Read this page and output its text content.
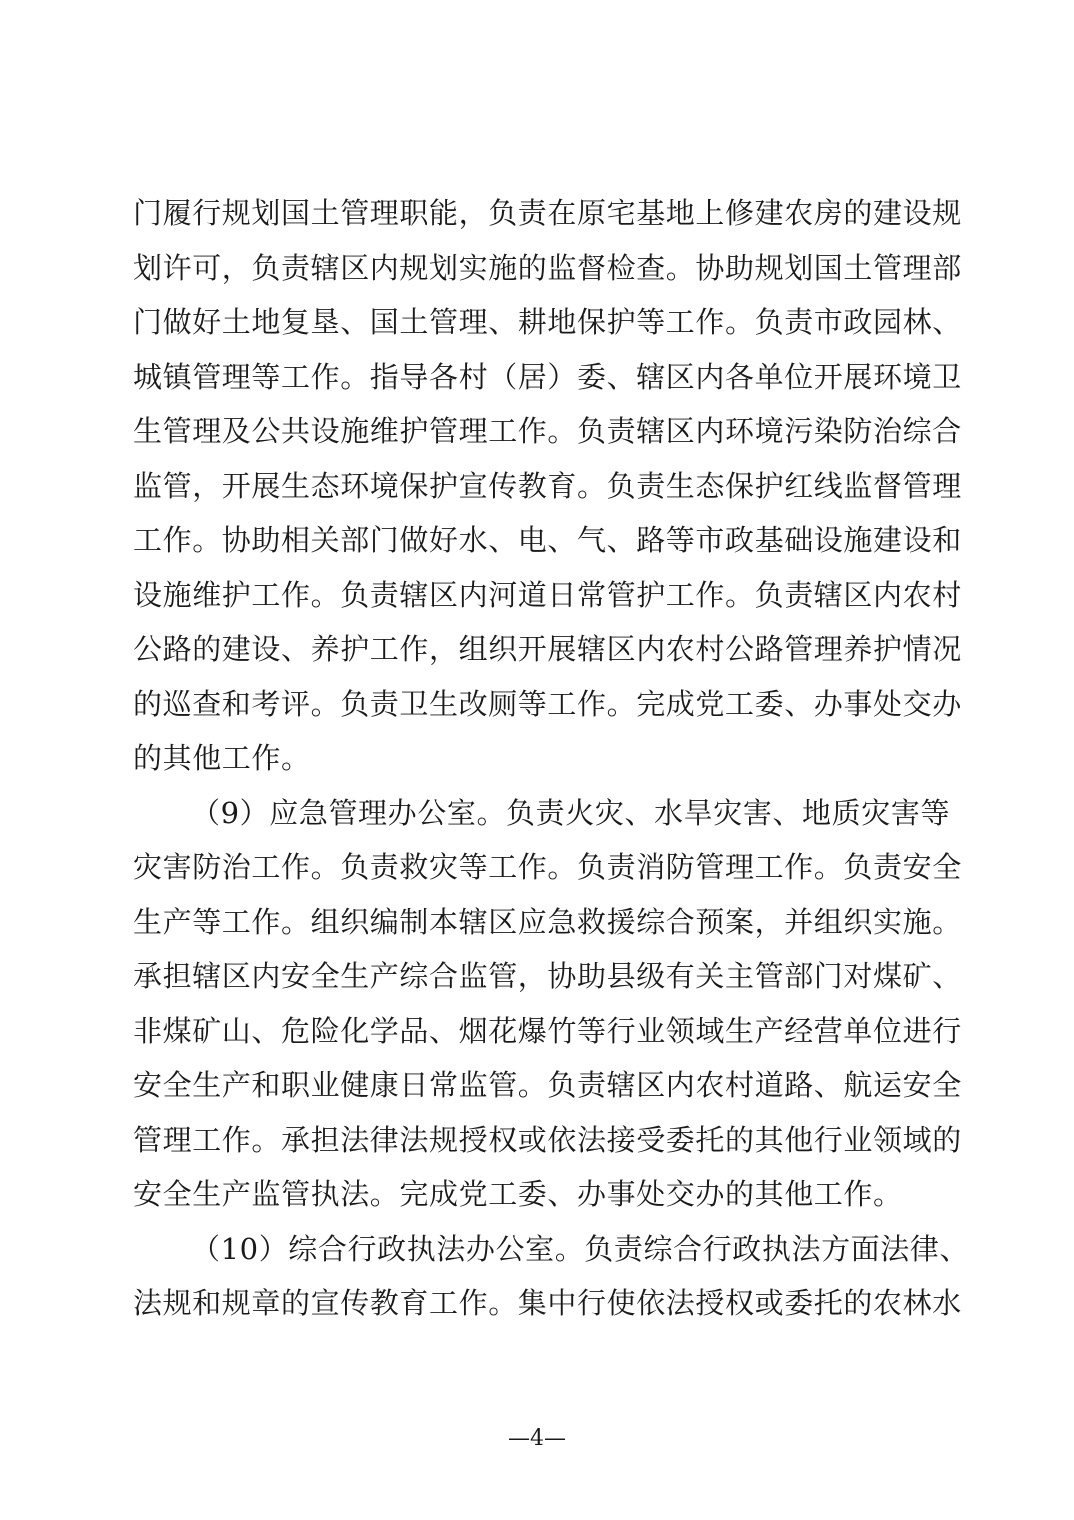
门履行规划国土管理职能，负责在原宅基地上修建农房的建设规
划许可，负责辖区内规划实施的监督检查。协助规划国土管理部
门做好土地复垦、国土管理、耕地保护等工作。负责市政园林、
城镇管理等工作。指导各村（居）委、辖区内各单位开展环境卫
生管理及公共设施维护管理工作。负责辖区内环境污染防治综合
监管，开展生态环境保护宣传教育。负责生态保护红线监督管理
工作。协助相关部门做好水、电、气、路等市政基础设施建设和
设施维护工作。负责辖区内河道日常管护工作。负责辖区内农村
公路的建设、养护工作，组织开展辖区内农村公路管理养护情况
的巡查和考评。负责卫生改厕等工作。完成党工委、办事处交办
的其他工作。
（9）应急管理办公室。负责火灾、水旱灾害、地质灾害等
灾害防治工作。负责救灾等工作。负责消防管理工作。负责安全
生产等工作。组织编制本辖区应急救援综合预案，并组织实施。
承担辖区内安全生产综合监管，协助县级有关主管部门对煤矿、
非煤矿山、危险化学品、烟花爆竹等行业领域生产经营单位进行
安全生产和职业健康日常监管。负责辖区内农村道路、航运安全
管理工作。承担法律法规授权或依法接受委托的其他行业领域的
安全生产监管执法。完成党工委、办事处交办的其他工作。
（10）综合行政执法办公室。负责综合行政执法方面法律、
法规和规章的宣传教育工作。集中行使依法授权或委托的农林水
—4—
